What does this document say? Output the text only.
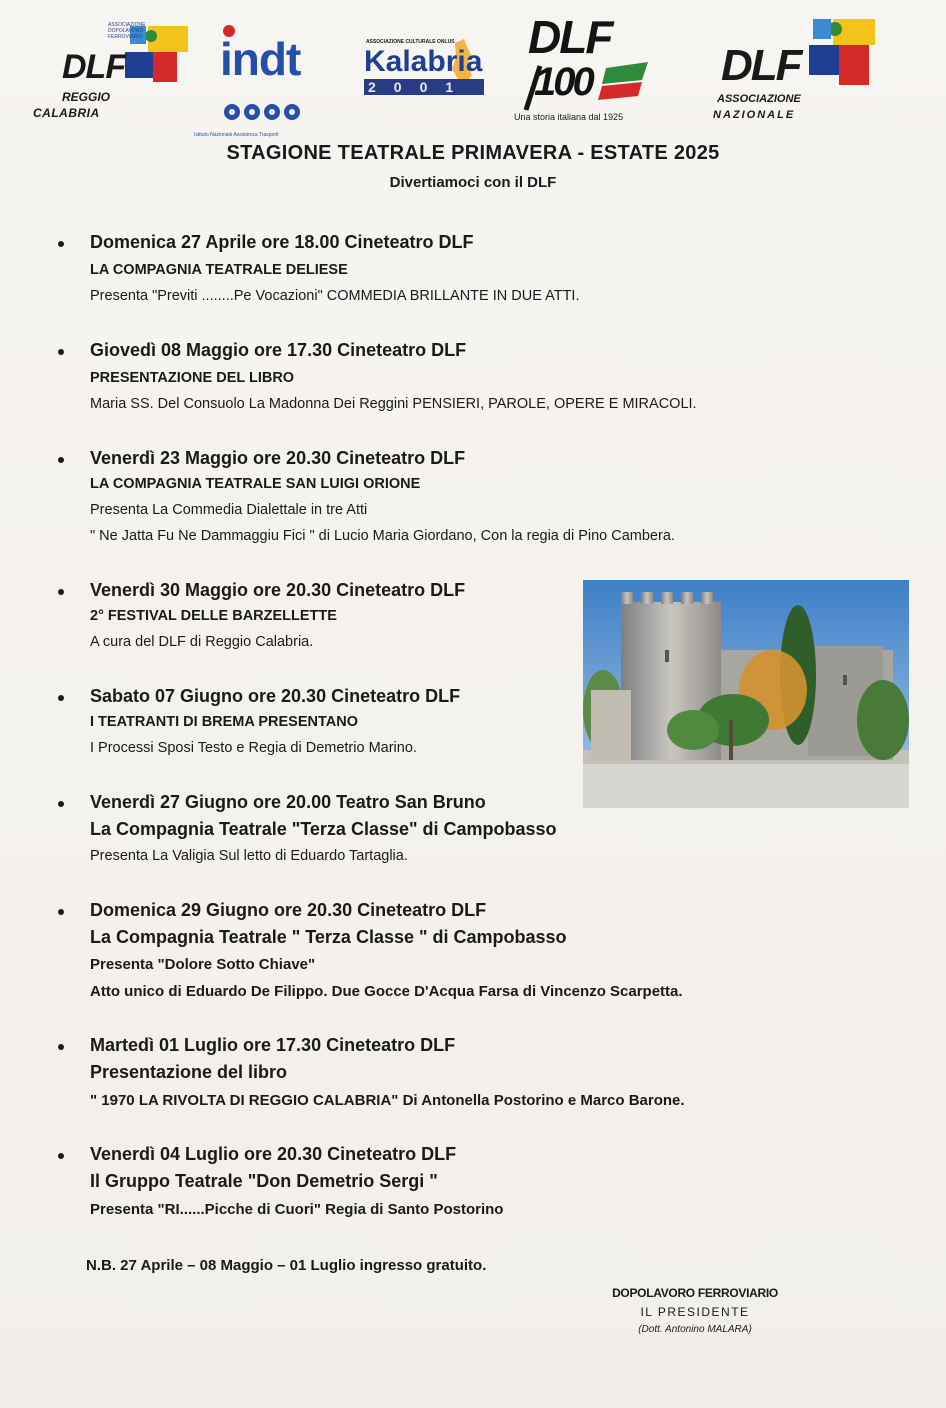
ASSOCIAZIONE DOPOLAVORO FERROVIARIO
DLF
REGGIO
CALABRIA
indt
Istituto Nazionale Assistenza Trasporti
ASSOCIAZIONE CULTURALE ONLUS
Kalabria
2001
DLF
100
Una storia italiana dal 1925
DLF
ASSOCIAZIONE
NAZIONALE
STAGIONE TEATRALE PRIMAVERA - ESTATE 2025
Divertiamoci con il DLF
Domenica 27 Aprile ore 18.00 Cineteatro DLF
LA COMPAGNIA TEATRALE DELIESE
Presenta "Previti ........Pe Vocazioni" COMMEDIA BRILLANTE IN DUE ATTI.
Giovedì 08 Maggio ore 17.30 Cineteatro DLF
PRESENTAZIONE DEL LIBRO
Maria SS. Del Consuolo La Madonna Dei Reggini PENSIERI, PAROLE, OPERE E MIRACOLI.
Venerdì 23 Maggio ore 20.30 Cineteatro DLF
LA COMPAGNIA TEATRALE SAN LUIGI ORIONE
Presenta La Commedia Dialettale in tre Atti
" Ne Jatta Fu Ne Dammaggiu Fici " di Lucio Maria Giordano, Con la regia di Pino Cambera.
Venerdì 30 Maggio ore 20.30 Cineteatro DLF
2° FESTIVAL DELLE BARZELLETTE
A cura del DLF di Reggio Calabria.
Sabato 07 Giugno ore 20.30 Cineteatro DLF
I TEATRANTI DI BREMA PRESENTANO
I Processi Sposi Testo e Regia di Demetrio Marino.
Venerdì 27 Giugno ore 20.00 Teatro San Bruno
La Compagnia Teatrale "Terza Classe" di Campobasso
Presenta La Valigia Sul letto di Eduardo Tartaglia.
Domenica 29 Giugno ore 20.30 Cineteatro DLF
La Compagnia Teatrale " Terza Classe " di Campobasso
Presenta "Dolore Sotto Chiave"
Atto unico di Eduardo De Filippo. Due Gocce D'Acqua Farsa di Vincenzo Scarpetta.
Martedì 01 Luglio ore 17.30 Cineteatro DLF
Presentazione del libro
" 1970 LA RIVOLTA DI REGGIO CALABRIA" Di Antonella Postorino e Marco Barone.
Venerdì 04 Luglio ore 20.30 Cineteatro DLF
Il Gruppo Teatrale "Don Demetrio Sergi "
Presenta "RI......Picche di Cuori" Regia di Santo Postorino
N.B. 27 Aprile – 08 Maggio – 01 Luglio ingresso gratuito.
DOPOLAVORO FERROVIARIO
IL PRESIDENTE
(Dott. Antonino MALARA)
